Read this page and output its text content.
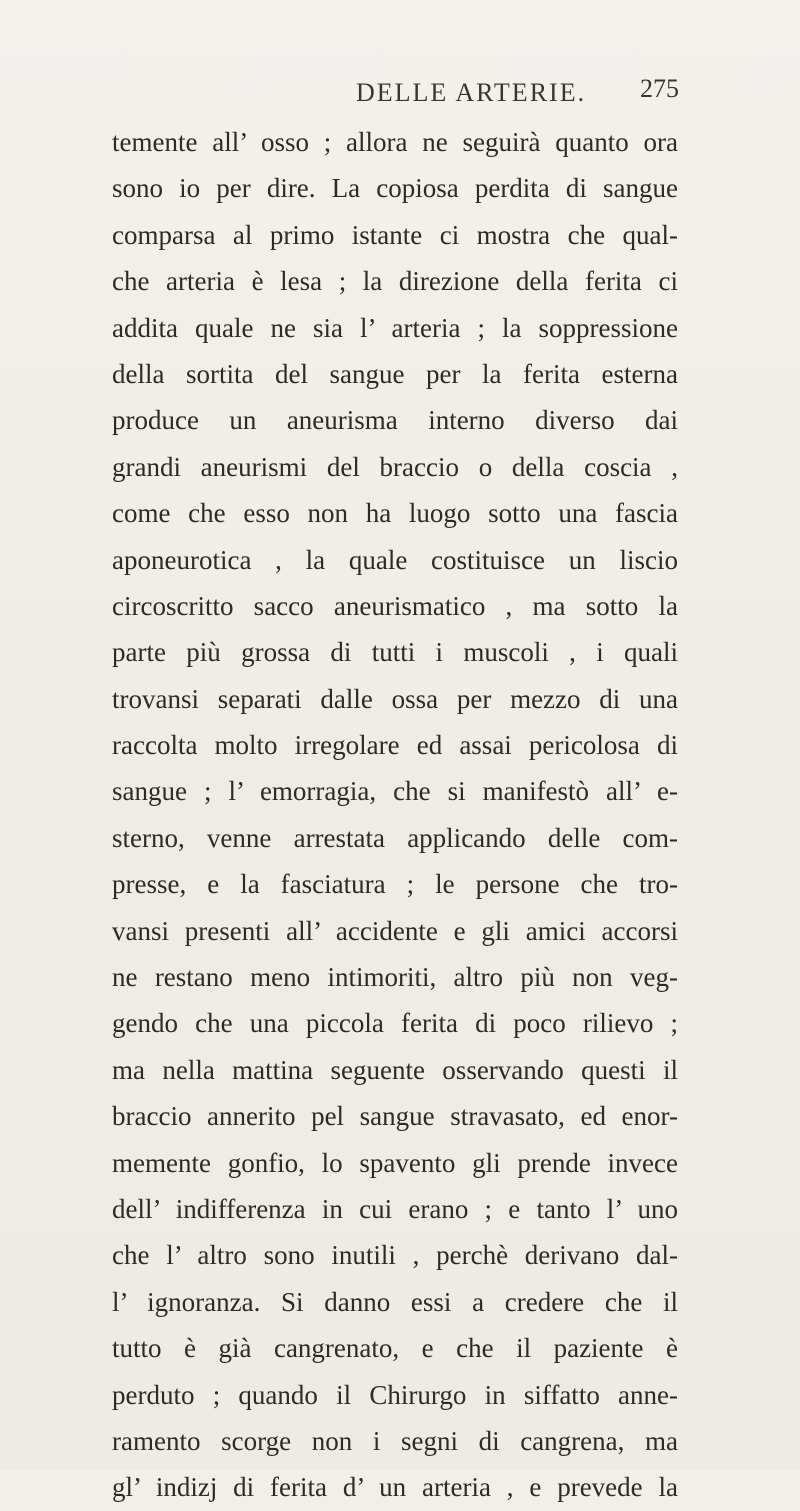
DELLE ARTERIE. 275
temente all’ osso ; allora ne seguirà quanto ora
sono io per dire. La copiosa perdita di sangue
comparsa al primo istante ci mostra che qual-
che arteria è lesa ; la direzione della ferita ci
addita quale ne sia l’ arteria ; la soppressione
della sortita del sangue per la ferita esterna
produce un aneurisma interno diverso dai
grandi aneurismi del braccio o della coscia ,
come che esso non ha luogo sotto una fascia
aponeurotica , la quale costituisce un liscio
circoscritto sacco aneurismatico , ma sotto la
parte più grossa di tutti i muscoli , i quali
trovansi separati dalle ossa per mezzo di una
raccolta molto irregolare ed assai pericolosa di
sangue ; l’ emorragia, che si manifestò all’ e-
sterno, venne arrestata applicando delle com-
presse, e la fasciatura ; le persone che tro-
vansi presenti all’ accidente e gli amici accorsi
ne restano meno intimoriti, altro più non veg-
gendo che una piccola ferita di poco rilievo ;
ma nella mattina seguente osservando questi il
braccio annerito pel sangue stravasato, ed enor-
memente gonfio, lo spavento gli prende invece
dell’ indifferenza in cui erano ; e tanto l’ uno
che l’ altro sono inutili , perchè derivano dal-
l’ ignoranza. Si danno essi a credere che il
tutto è già cangrenato, e che il paziente è
perduto ; quando il Chirurgo in siffatto anne-
ramento scorge non i segni di cangrena, ma
gl’ indizj di ferita d’ un arteria , e prevede la
